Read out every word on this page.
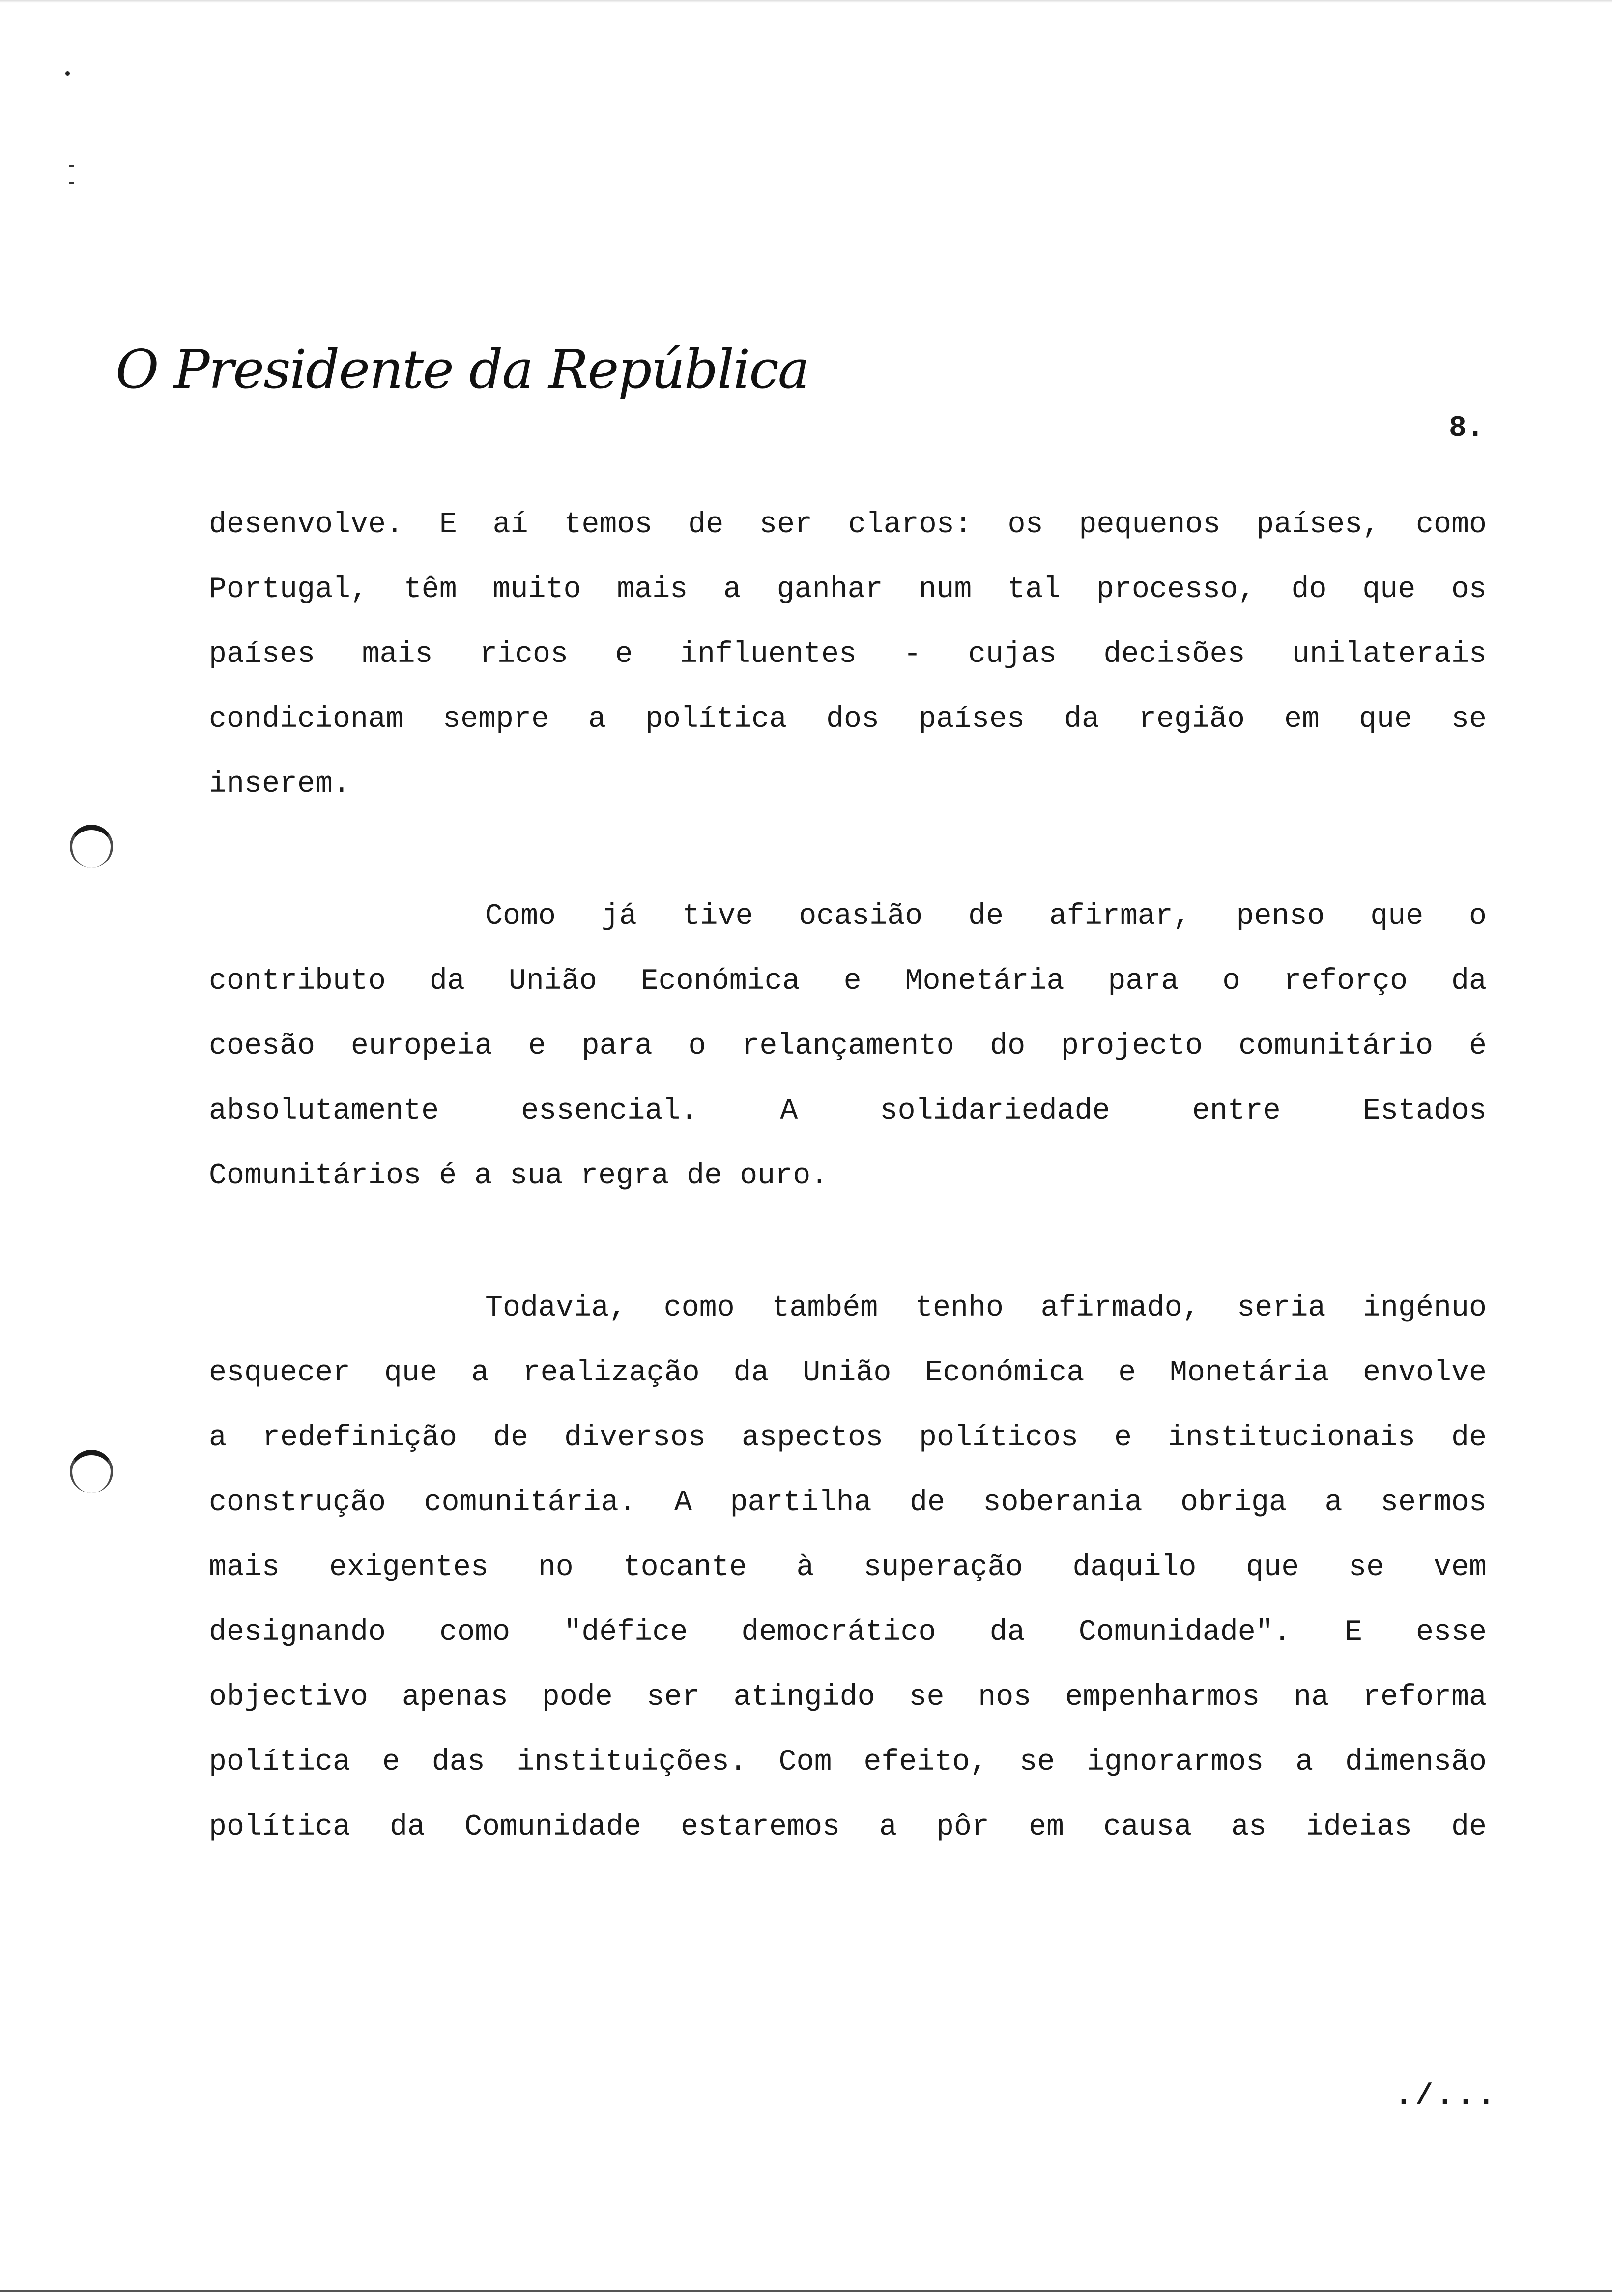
O Presidente da República
8.
desenvolve. E aí temos de ser claros: os pequenos países, como
Portugal, têm muito mais a ganhar num tal processo, do que os
países mais ricos e influentes - cujas decisões unilaterais
condicionam sempre a política dos países da região em que se
inserem.
Como já tive ocasião de afirmar, penso que o
contributo da União Económica e Monetária para o reforço da
coesão europeia e para o relançamento do projecto comunitário é
absolutamente essencial. A solidariedade entre Estados
Comunitários é a sua regra de ouro.
Todavia, como também tenho afirmado, seria ingénuo
esquecer que a realização da União Económica e Monetária envolve
a redefinição de diversos aspectos políticos e institucionais de
construção comunitária. A partilha de soberania obriga a sermos
mais exigentes no tocante à superação daquilo que se vem
designando como "défice democrático da Comunidade". E esse
objectivo apenas pode ser atingido se nos empenharmos na reforma
política e das instituições. Com efeito, se ignorarmos a dimensão
política da Comunidade estaremos a pôr em causa as ideias de
./...
